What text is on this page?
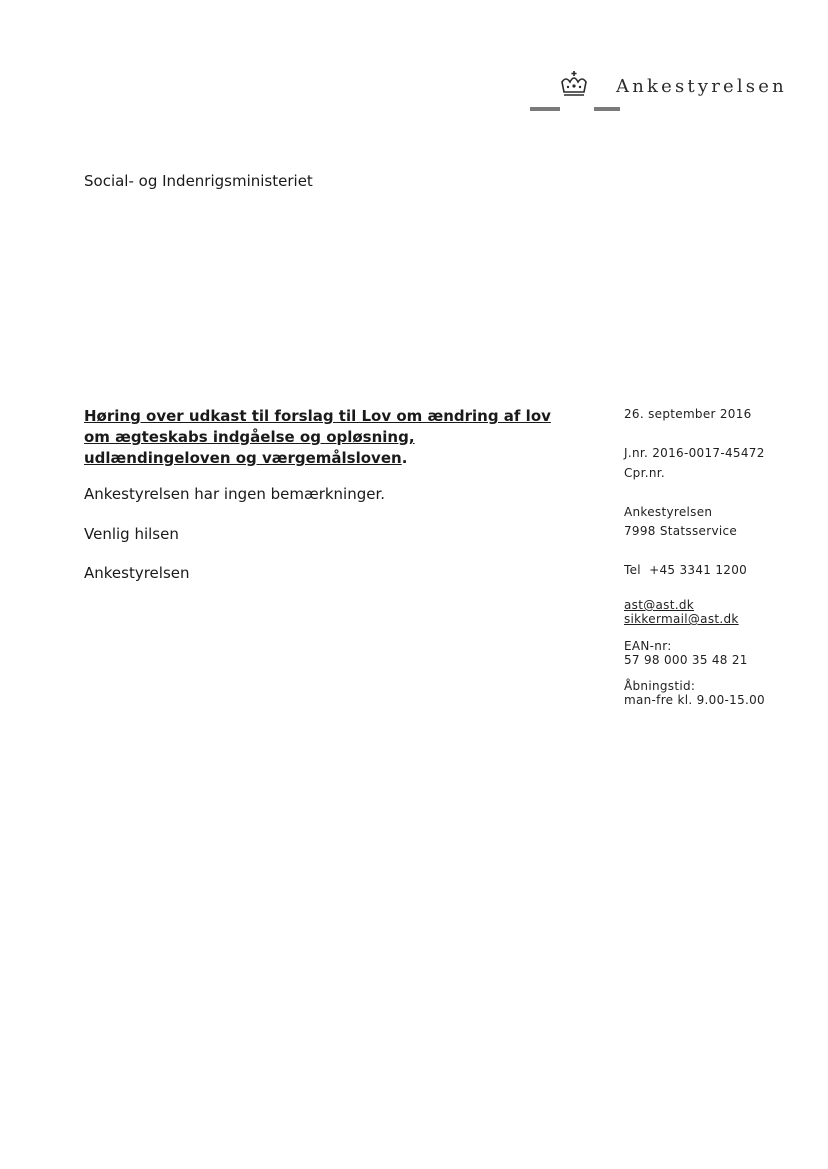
Ankestyrelsen
Social- og Indenrigsministeriet
Høring over udkast til forslag til Lov om ændring af lov om ægteskabs indgåelse og opløsning, udlændingeloven og værgemålsloven.
Ankestyrelsen har ingen bemærkninger.
Venlig hilsen
Ankestyrelsen
26. september 2016
J.nr. 2016-0017-45472
Cpr.nr.
Ankestyrelsen
7998 Statsservice
Tel  +45 3341 1200
ast@ast.dk
sikkermail@ast.dk
EAN-nr:
57 98 000 35 48 21
Åbningstid:
man-fre kl. 9.00-15.00
